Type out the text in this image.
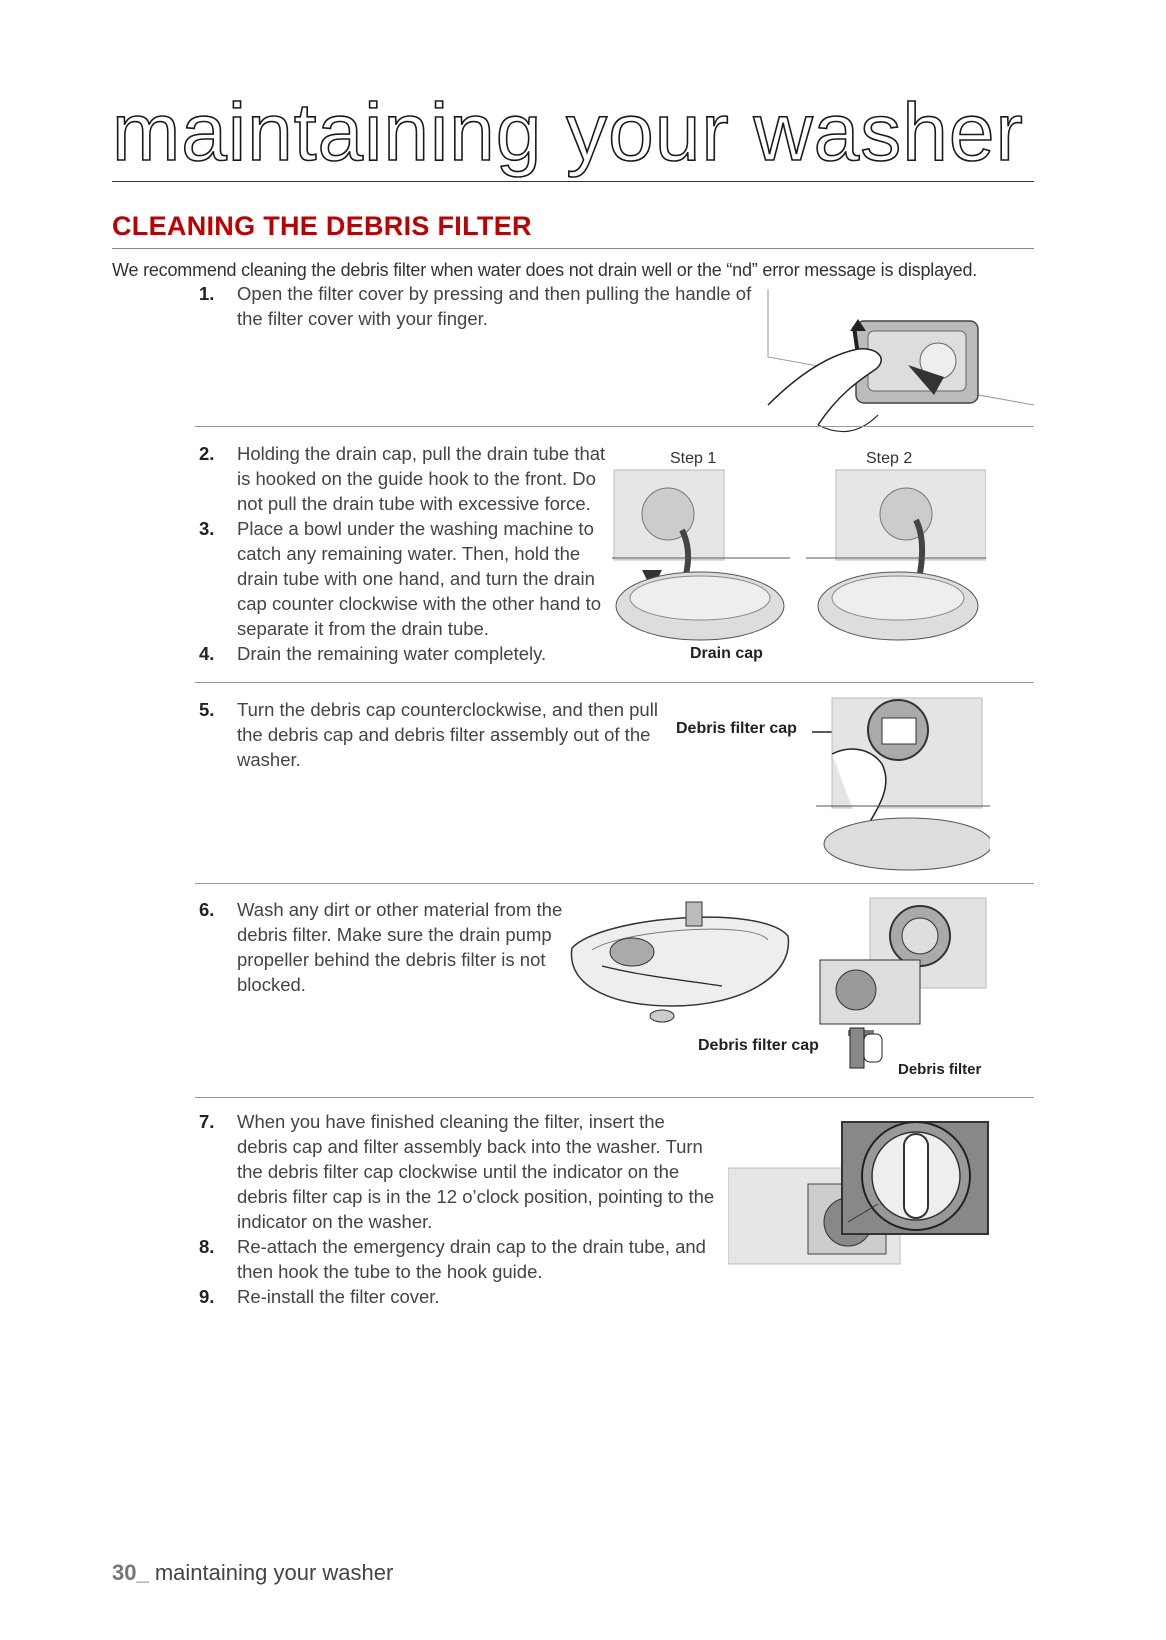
maintaining your washer
CLEANING THE DEBRIS FILTER

We recommend cleaning the debris filter when water does not drain well or the “nd” error message is displayed.

1. Open the filter cover by pressing and then pulling the handle of the filter cover with your finger.
2. Holding the drain cap, pull the drain tube that is hooked on the guide hook to the front. Do not pull the drain tube with excessive force.
3. Place a bowl under the washing machine to catch any remaining water. Then, hold the drain tube with one hand, and turn the drain cap counter clockwise with the other hand to separate it from the drain tube.
4. Drain the remaining water completely.
Step 1
Drain cap
Step 2
5. Turn the debris cap counterclockwise, and then pull the debris cap and debris filter assembly out of the washer.
Debris filter cap
6. Wash any dirt or other material from the debris filter. Make sure the drain pump propeller behind the debris filter is not blocked.
Debris filter cap
Debris filter
7. When you have finished cleaning the filter, insert the debris cap and filter assembly back into the washer. Turn the debris filter cap clockwise until the indicator on the debris filter cap is in the 12 o’clock position, pointing to the indicator on the washer.
8. Re-attach the emergency drain cap to the drain tube, and then hook the tube to the hook guide.
9. Re-install the filter cover.

30_ maintaining your washer
